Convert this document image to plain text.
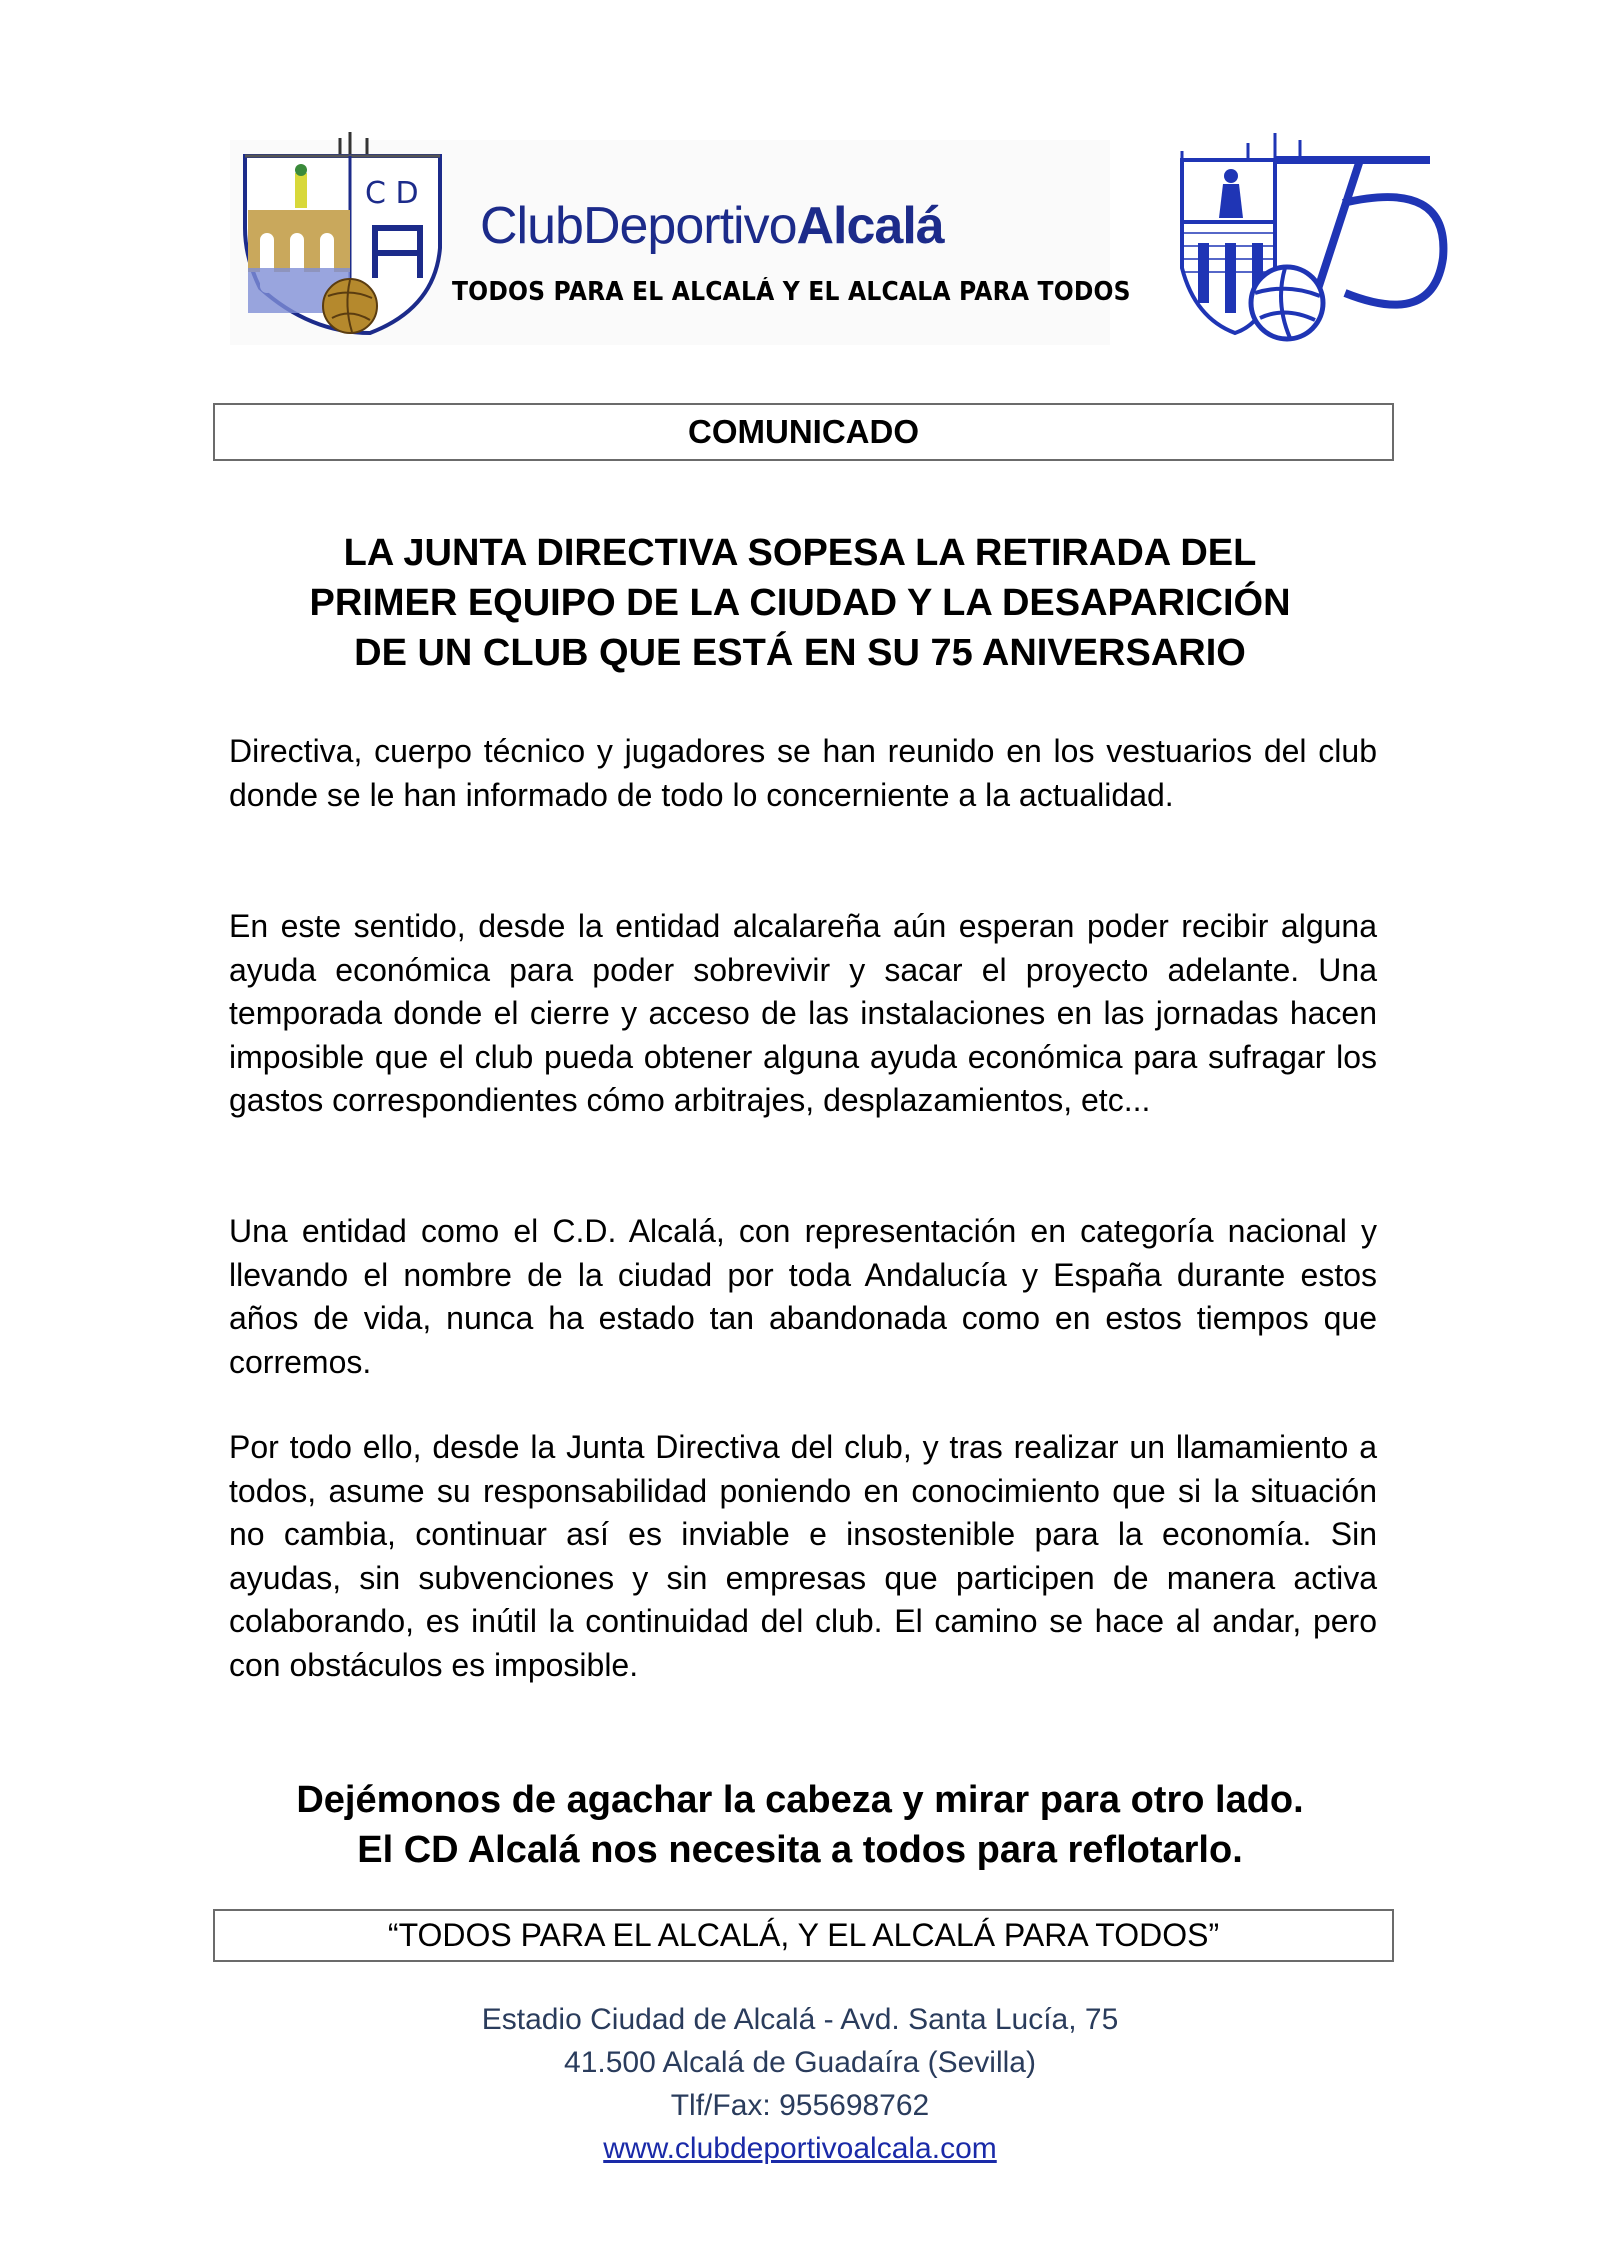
C D
ClubDeportivoAlcalá
TODOS PARA EL ALCALÁ Y EL ALCALA PARA TODOS
COMUNICADO
LA JUNTA DIRECTIVA SOPESA LA RETIRADA DEL
PRIMER EQUIPO DE LA CIUDAD Y LA DESAPARICIÓN
DE UN CLUB QUE ESTÁ EN SU 75 ANIVERSARIO

Directiva, cuerpo técnico y jugadores se han reunido en los vestuarios del club donde se le han informado de todo lo concerniente a la actualidad.

En este sentido, desde la entidad alcalareña aún esperan poder recibir alguna ayuda económica para poder sobrevivir y sacar el proyecto adelante. Una temporada donde el cierre y acceso de las instalaciones en las jornadas hacen imposible que el club pueda obtener alguna ayuda económica para sufragar los gastos correspondientes cómo arbitrajes, desplazamientos, etc...

Una entidad como el C.D. Alcalá, con representación en categoría nacional y llevando el nombre de la ciudad por toda Andalucía y España durante estos años de vida, nunca ha estado tan abandonada como en estos tiempos que corremos.

Por todo ello, desde la Junta Directiva del club, y tras realizar un llamamiento a todos, asume su responsabilidad poniendo en conocimiento que si la situación no cambia, continuar así es inviable e insostenible para la economía. Sin ayudas, sin subvenciones y sin empresas que participen de manera activa colaborando, es inútil la continuidad del club. El camino se hace al andar, pero con obstáculos es imposible.

Dejémonos de agachar la cabeza y mirar para otro lado.
El CD Alcalá nos necesita a todos para reflotarlo.
“TODOS PARA EL ALCALÁ, Y EL ALCALÁ PARA TODOS”
Estadio Ciudad de Alcalá - Avd. Santa Lucía, 75
41.500 Alcalá de Guadaíra (Sevilla)
Tlf/Fax: 955698762
www.clubdeportivoalcala.com
